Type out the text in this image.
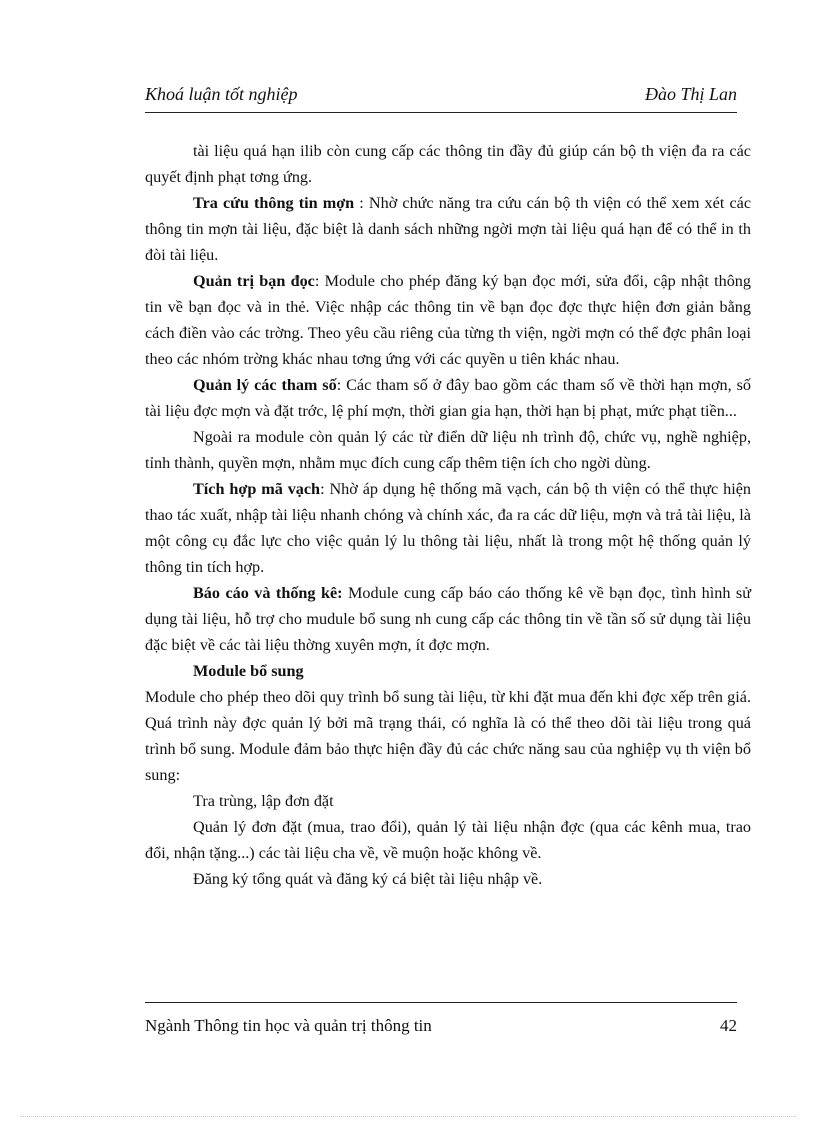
Khoá luận tốt nghiệp	Đào Thị Lan

tài liệu quá hạn ilib còn cung cấp các thông tin đầy đủ giúp cán bộ th viện đa ra các quyết định phạt tơng ứng.

Tra cứu thông tin mợn : Nhờ chức năng tra cứu cán bộ th viện có thể xem xét các thông tin mợn tài liệu, đặc biệt là danh sách những ngời mợn tài liệu quá hạn để có thể in th đòi tài liệu.

Quản trị bạn đọc: Module cho phép đăng ký bạn đọc mới, sửa đổi, cập nhật thông tin về bạn đọc và in thẻ. Việc nhập các thông tin về bạn đọc đợc thực hiện đơn giản bằng cách điền vào các trờng. Theo yêu cầu riêng của từng th viện, ngời mợn có thể đợc phân loại theo các nhóm trờng khác nhau tơng ứng với các quyền u tiên khác nhau.

Quản lý các tham số: Các tham số ở đây bao gồm các tham số về thời hạn mợn, số tài liệu đợc mợn và đặt trớc, lệ phí mợn, thời gian gia hạn, thời hạn bị phạt, mức phạt tiền...

Ngoài ra module còn quản lý các từ điển dữ liệu nh trình độ, chức vụ, nghề nghiệp, tỉnh thành, quyền mợn, nhằm mục đích cung cấp thêm tiện ích cho ngời dùng.

Tích hợp mã vạch: Nhờ áp dụng hệ thống mã vạch, cán bộ th viện có thể thực hiện thao tác xuất, nhập tài liệu nhanh chóng và chính xác, đa ra các dữ liệu, mợn và trả tài liệu, là một công cụ đắc lực cho việc quản lý lu thông tài liệu, nhất là trong một hệ thống quản lý thông tin tích hợp.

Báo cáo và thống kê: Module cung cấp báo cáo thống kê về bạn đọc, tình hình sử dụng tài liệu, hỗ trợ cho mudule bổ sung nh cung cấp các thông tin về tần số sử dụng tài liệu đặc biệt về các tài liệu thờng xuyên mợn, ít đợc mợn.

Module bổ sung

Module cho phép theo dõi quy trình bổ sung tài liệu, từ khi đặt mua đến khi đợc xếp trên giá. Quá trình này đợc quản lý bởi mã trạng thái, có nghĩa là có thể theo dõi tài liệu trong quá trình bổ sung. Module đảm bảo thực hiện đầy đủ các chức năng sau của nghiệp vụ th viện bổ sung:

Tra trùng, lập đơn đặt

Quản lý đơn đặt (mua, trao đổi), quản lý tài liệu nhận đợc (qua các kênh mua, trao đổi, nhận tặng...) các tài liệu cha về, về muộn hoặc không về.

Đăng ký tổng quát và đăng ký cá biệt tài liệu nhập về.

Ngành Thông tin học và quản trị thông tin	42
